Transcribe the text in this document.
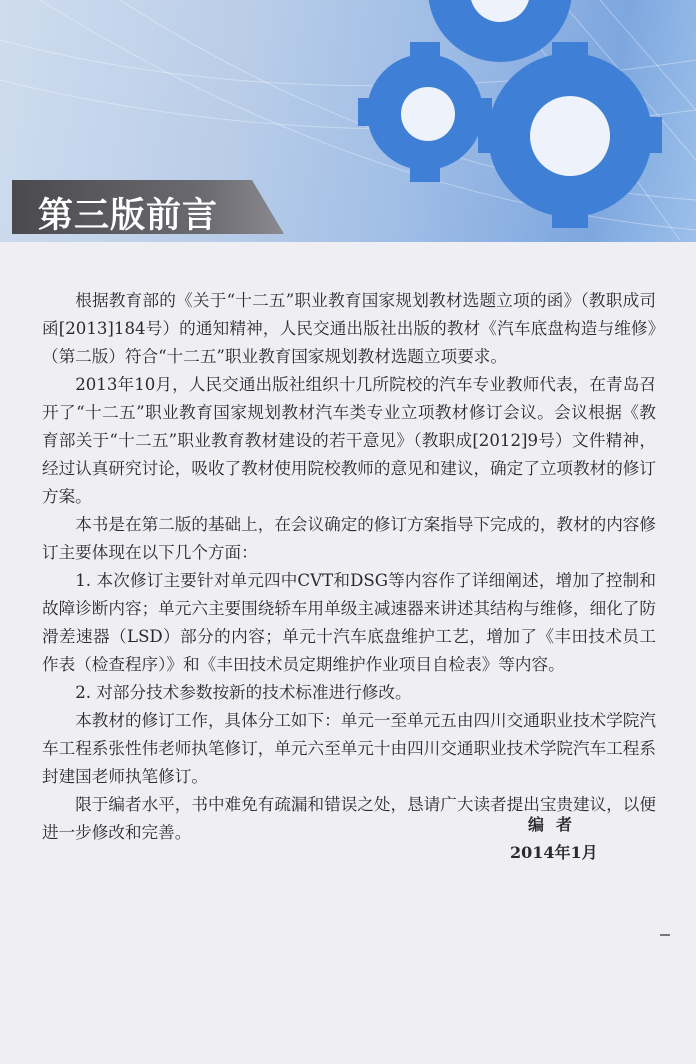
第三版前言

根据教育部的《关于“十二五”职业教育国家规划教材选题立项的函》（教职成司函[2013]184号）的通知精神，人民交通出版社出版的教材《汽车底盘构造与维修》（第二版）符合“十二五”职业教育国家规划教材选题立项要求。

2013年10月，人民交通出版社组织十几所院校的汽车专业教师代表，在青岛召开了“十二五”职业教育国家规划教材汽车类专业立项教材修订会议。会议根据《教育部关于“十二五”职业教育教材建设的若干意见》（教职成[2012]9号）文件精神，经过认真研究讨论，吸收了教材使用院校教师的意见和建议，确定了立项教材的修订方案。

本书是在第二版的基础上，在会议确定的修订方案指导下完成的，教材的内容修订主要体现在以下几个方面：

1. 本次修订主要针对单元四中CVT和DSG等内容作了详细阐述，增加了控制和故障诊断内容；单元六主要围绕轿车用单级主减速器来讲述其结构与维修，细化了防滑差速器（LSD）部分的内容；单元十汽车底盘维护工艺，增加了《丰田技术员工作表（检查程序）》和《丰田技术员定期维护作业项目自检表》等内容。

2. 对部分技术参数按新的技术标准进行修改。

本教材的修订工作，具体分工如下：单元一至单元五由四川交通职业技术学院汽车工程系张性伟老师执笔修订，单元六至单元十由四川交通职业技术学院汽车工程系封建国老师执笔修订。

限于编者水平，书中难免有疏漏和错误之处，恳请广大读者提出宝贵建议，以便进一步修改和完善。	编者
2014年1月
